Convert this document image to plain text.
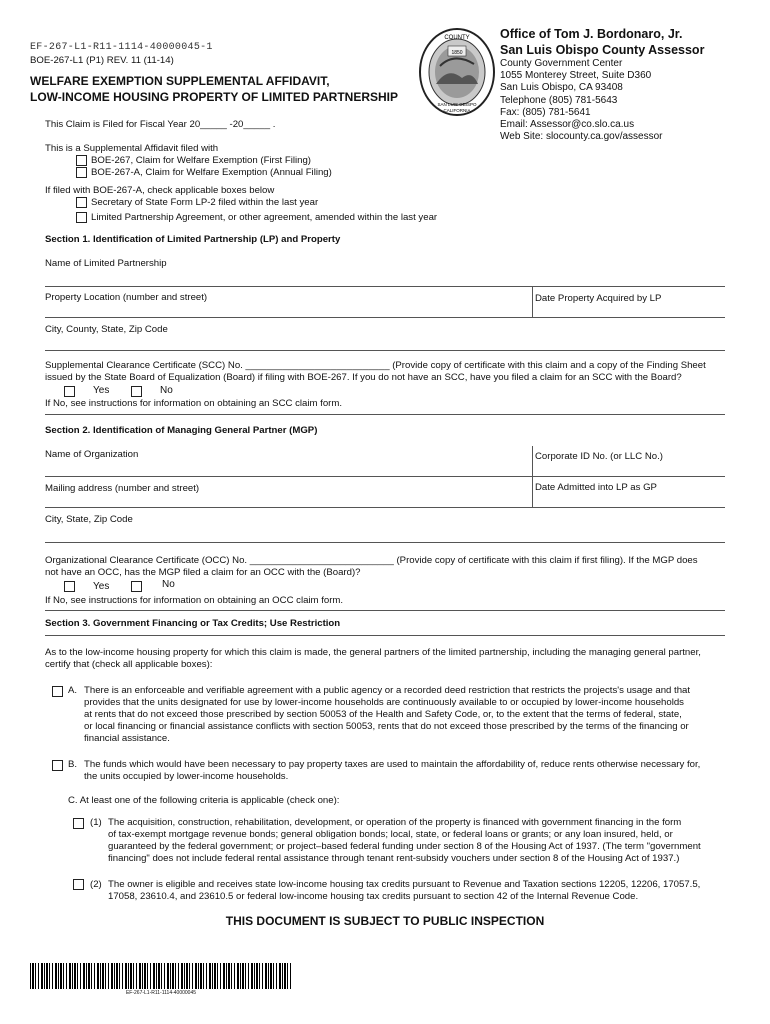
EF-267-L1-R11-1114-40000045-1
BOE-267-L1 (P1) REV. 11 (11-14)
WELFARE EXEMPTION SUPPLEMENTAL AFFIDAVIT,
LOW-INCOME HOUSING PROPERTY OF LIMITED PARTNERSHIP
This Claim is Filed for Fiscal Year 20_____ -20_____ .
COUNTY
1850
SAN LUIS OBISPO
CALIFORNIA
Office of Tom J. Bordonaro, Jr.
San Luis Obispo County Assessor
County Government Center
1055 Monterey Street, Suite D360
San Luis Obispo, CA 93408
Telephone (805) 781-5643
Fax: (805) 781-5641
Email: Assessor@co.slo.ca.us
Web Site: slocounty.ca.gov/assessor
This is a Supplemental Affidavit filed with
BOE-267, Claim for Welfare Exemption (First Filing)
BOE-267-A, Claim for Welfare Exemption (Annual Filing)
If filed with BOE-267-A, check applicable boxes below
Secretary of State Form LP-2 filed within the last year
Limited Partnership Agreement, or other agreement, amended within the last year
Section 1. Identification of Limited Partnership (LP) and Property
Name of Limited Partnership
Property Location (number and street)	Date Property Acquired by LP
City, County, State, Zip Code
Supplemental Clearance Certificate (SCC) No. ___________________________ (Provide copy of certificate with this claim and a copy of the Finding Sheet
issued by the State Board of Equalization (Board) if filing with BOE-267. If you do not have an SCC, have you filed a claim for an SCC with the Board?
Yes	No
If No, see instructions for information on obtaining an SCC claim form.
Section 2. Identification of Managing General Partner (MGP)
Name of Organization	Corporate ID No. (or LLC No.)
Mailing address (number and street)	Date Admitted into LP as GP
City, State, Zip Code
Organizational Clearance Certificate (OCC) No. ___________________________ (Provide copy of certificate with this claim if first filing). If the MGP does
not have an OCC, has the MGP filed a claim for an OCC with the (Board)?
Yes	No
If No, see instructions for information on obtaining an OCC claim form.
Section 3. Government Financing or Tax Credits; Use Restriction
As to the low-income housing property for which this claim is made, the general partners of the limited partnership, including the managing general partner,
certify that (check all applicable boxes):
A. There is an enforceable and verifiable agreement with a public agency or a recorded deed restriction that restricts the projects's usage and that
provides that the units designated for use by lower-income households are continuously available to or occupied by lower-income households
at rents that do not exceed those prescribed by section 50053 of the Health and Safety Code, or, to the extent that the terms of federal, state,
or local financing or financial assistance conflicts with section 50053, rents that do not exceed those prescribed by the terms of the financing or
financial assistance.
B. The funds which would have been necessary to pay property taxes are used to maintain the affordability of, reduce rents otherwise necessary for,
the units occupied by lower-income households.
C. At least one of the following criteria is applicable (check one):
(1) The acquisition, construction, rehabilitation, development, or operation of the property is financed with government financing in the form
of tax-exempt mortgage revenue bonds; general obligation bonds; local, state, or federal loans or grants; or any loan insured, held, or
guaranteed by the federal government; or project–based federal funding under section 8 of the Housing Act of 1937. (The term "government
financing" does not include federal rental assistance through tenant rent-subsidy vouchers under section 8 of the Housing Act of 1937.)
(2) The owner is eligible and receives state low-income housing tax credits pursuant to Revenue and Taxation sections 12205, 12206, 17057.5,
17058, 23610.4, and 23610.5 or federal low-income housing tax credits pursuant to section 42 of the Internal Revenue Code.
THIS DOCUMENT IS SUBJECT TO PUBLIC INSPECTION
EF-267-L1-R11-1114-40000045
